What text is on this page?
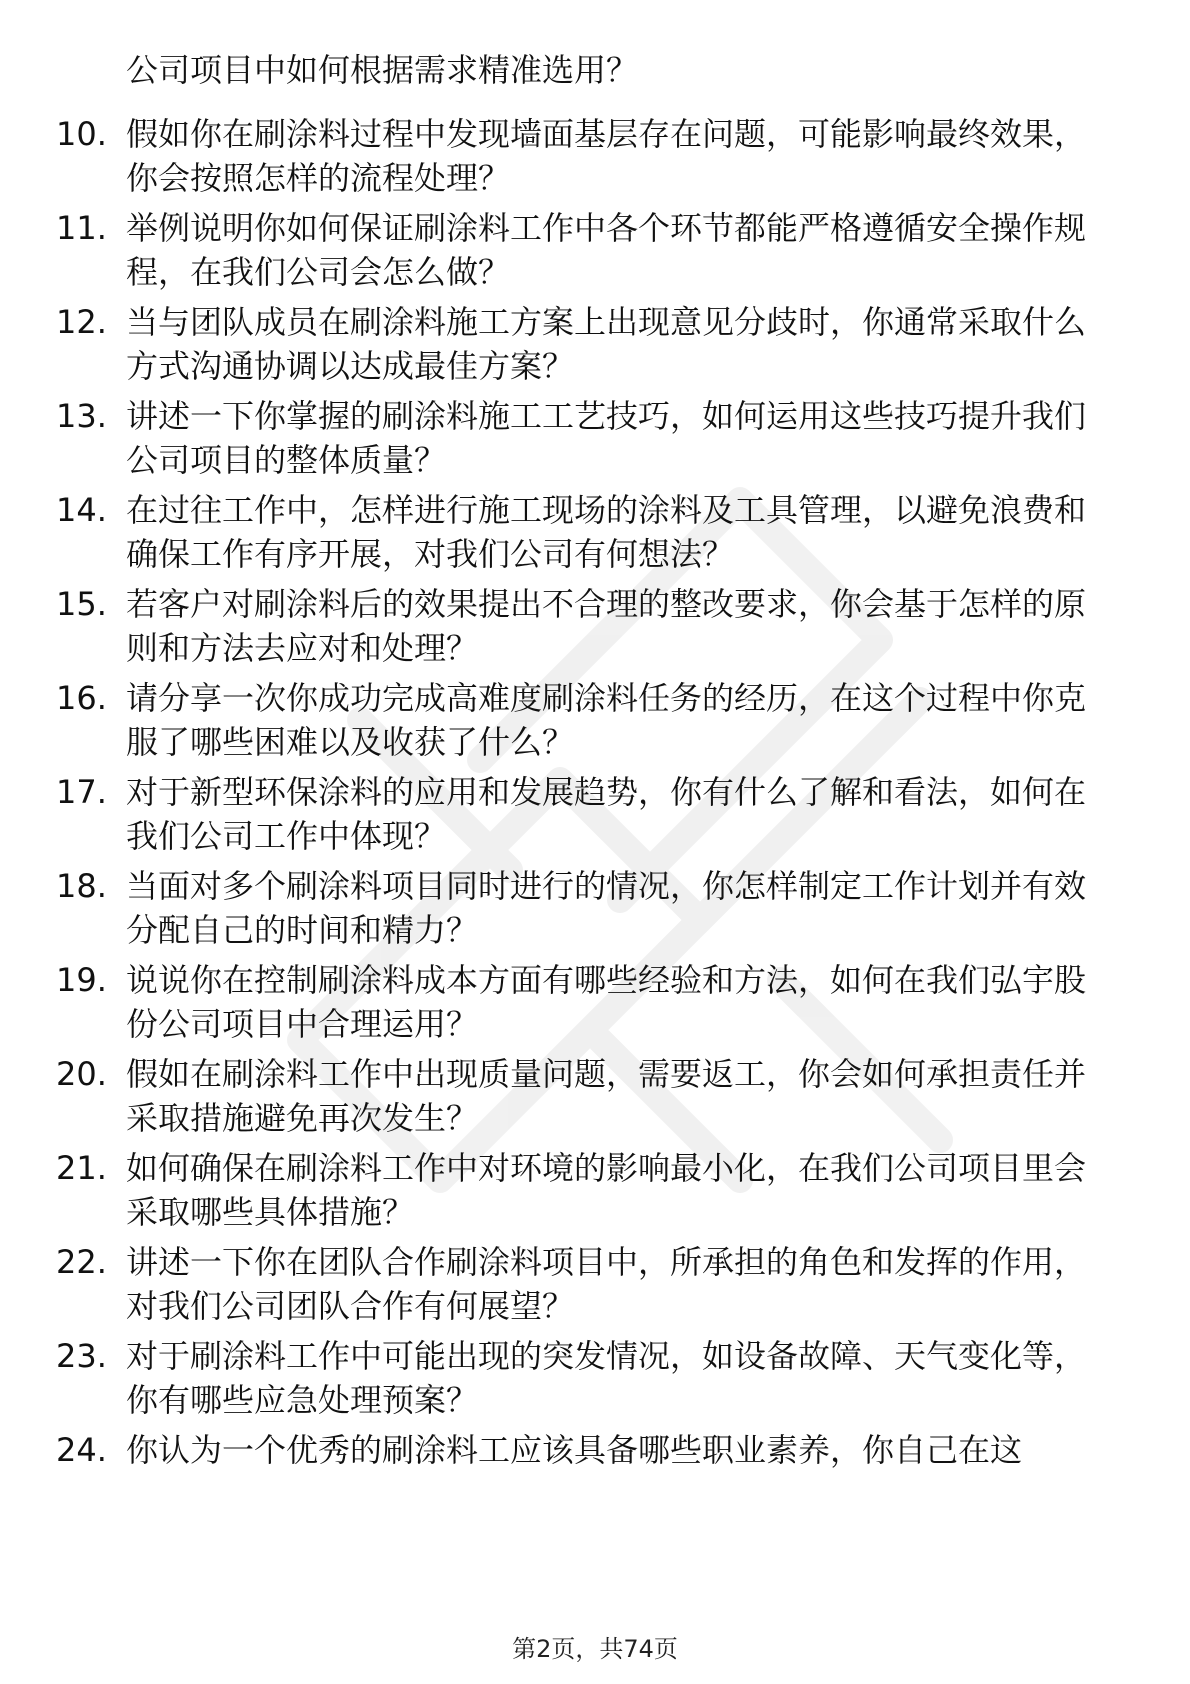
公司项目中如何根据需求精准选用？

10. 假如你在刷涂料过程中发现墙面基层存在问题，可能影响最终效果，你会按照怎样的流程处理？

11. 举例说明你如何保证刷涂料工作中各个环节都能严格遵循安全操作规程，在我们公司会怎么做？

12. 当与团队成员在刷涂料施工方案上出现意见分歧时，你通常采取什么方式沟通协调以达成最佳方案？

13. 讲述一下你掌握的刷涂料施工工艺技巧，如何运用这些技巧提升我们公司项目的整体质量？

14. 在过往工作中，怎样进行施工现场的涂料及工具管理，以避免浪费和确保工作有序开展，对我们公司有何想法？

15. 若客户对刷涂料后的效果提出不合理的整改要求，你会基于怎样的原则和方法去应对和处理？

16. 请分享一次你成功完成高难度刷涂料任务的经历，在这个过程中你克服了哪些困难以及收获了什么？

17. 对于新型环保涂料的应用和发展趋势，你有什么了解和看法，如何在我们公司工作中体现？

18. 当面对多个刷涂料项目同时进行的情况，你怎样制定工作计划并有效分配自己的时间和精力？

19. 说说你在控制刷涂料成本方面有哪些经验和方法，如何在我们弘宇股份公司项目中合理运用？

20. 假如在刷涂料工作中出现质量问题，需要返工，你会如何承担责任并采取措施避免再次发生？

21. 如何确保在刷涂料工作中对环境的影响最小化，在我们公司项目里会采取哪些具体措施？

22. 讲述一下你在团队合作刷涂料项目中，所承担的角色和发挥的作用，对我们公司团队合作有何展望？

23. 对于刷涂料工作中可能出现的突发情况，如设备故障、天气变化等，你有哪些应急处理预案？

24. 你认为一个优秀的刷涂料工应该具备哪些职业素养，你自己在这

第2页，共74页
